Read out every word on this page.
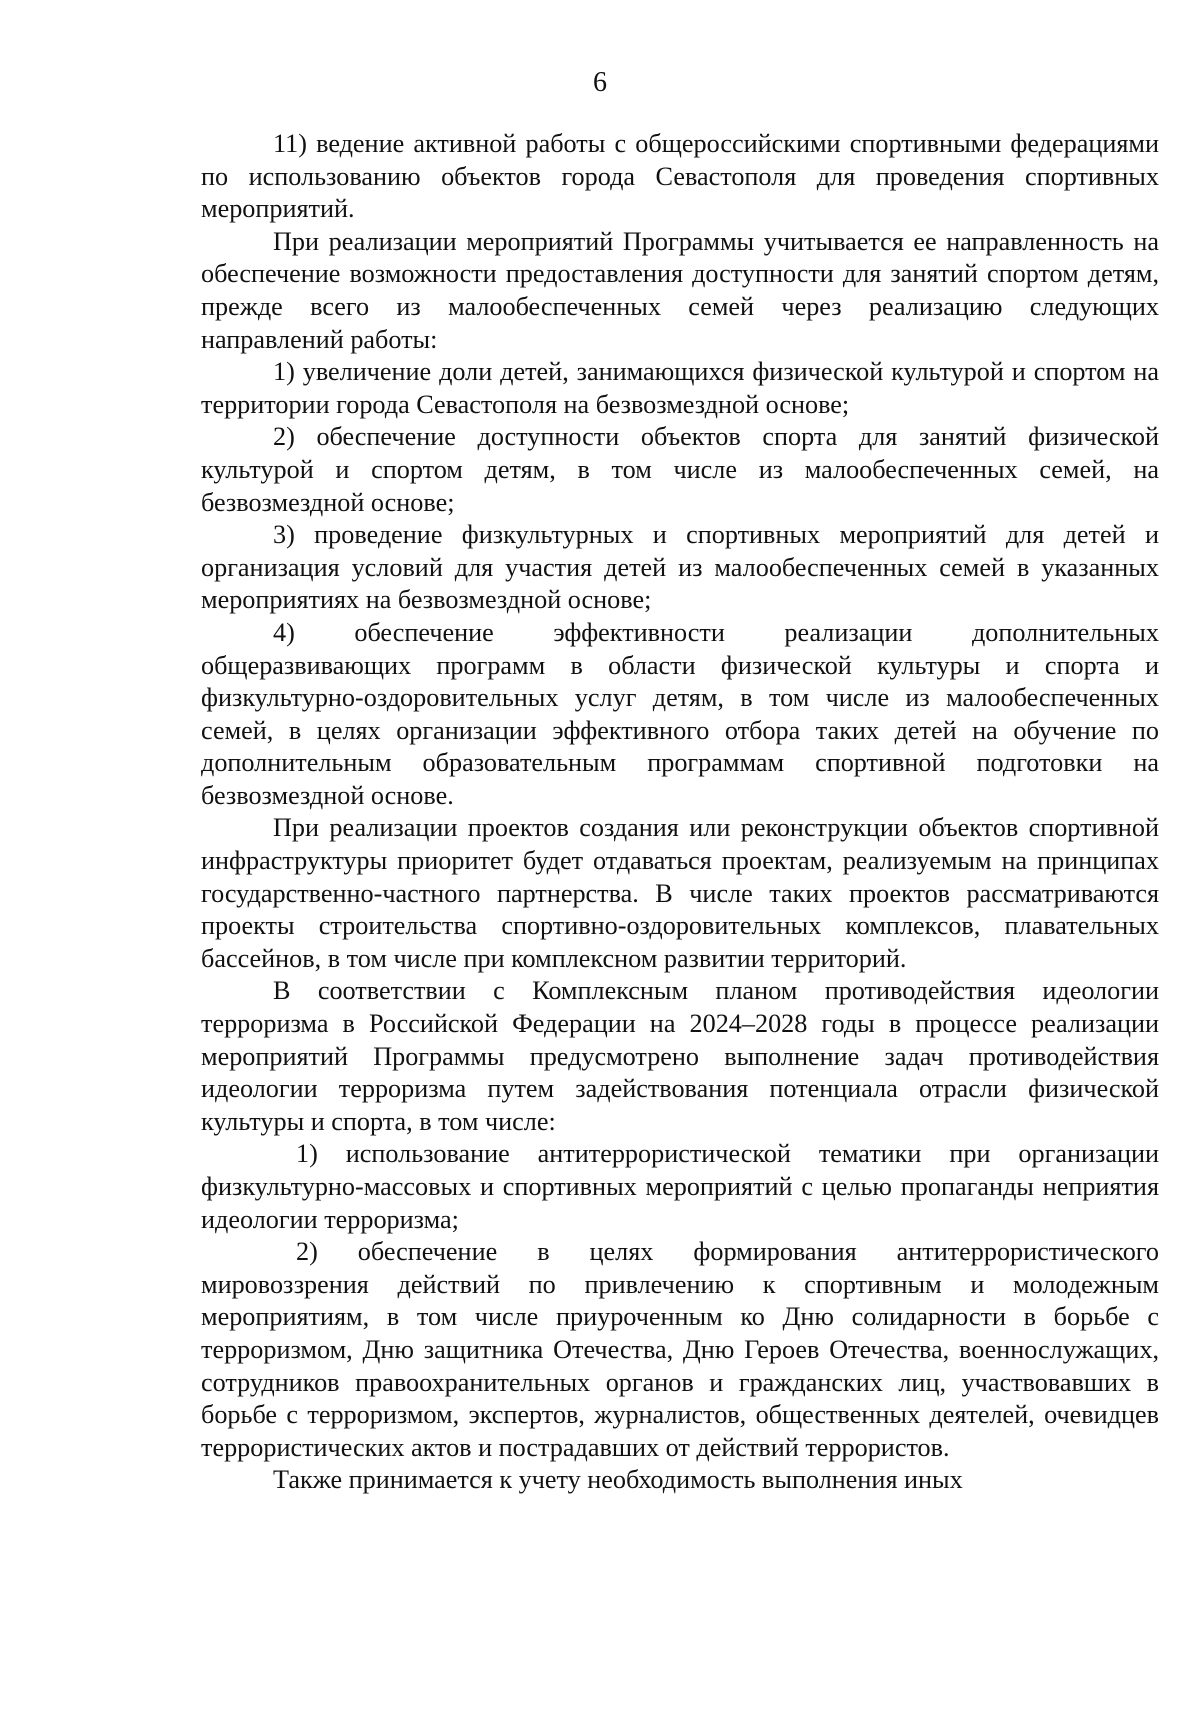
6

11) ведение активной работы с общероссийскими спортивными федерациями по использованию объектов города Севастополя для проведения спортивных мероприятий.

При реализации мероприятий Программы учитывается ее направленность на обеспечение возможности предоставления доступности для занятий спортом детям, прежде всего из малообеспеченных семей через реализацию следующих направлений работы:

1) увеличение доли детей, занимающихся физической культурой и спортом на территории города Севастополя на безвозмездной основе;

2) обеспечение доступности объектов спорта для занятий физической культурой и спортом детям, в том числе из малообеспеченных семей, на безвозмездной основе;

3) проведение физкультурных и спортивных мероприятий для детей и организация условий для участия детей из малообеспеченных семей в указанных мероприятиях на безвозмездной основе;

4) обеспечение эффективности реализации дополнительных общеразвивающих программ в области физической культуры и спорта и физкультурно-оздоровительных услуг детям, в том числе из малообеспеченных семей, в целях организации эффективного отбора таких детей на обучение по дополнительным образовательным программам спортивной подготовки на безвозмездной основе.

При реализации проектов создания или реконструкции объектов спортивной инфраструктуры приоритет будет отдаваться проектам, реализуемым на принципах государственно-частного партнерства. В числе таких проектов рассматриваются проекты строительства спортивно-оздоровительных комплексов, плавательных бассейнов, в том числе при комплексном развитии территорий.

В соответствии с Комплексным планом противодействия идеологии терроризма в Российской Федерации на 2024–2028 годы в процессе реализации мероприятий Программы предусмотрено выполнение задач противодействия идеологии терроризма путем задействования потенциала отрасли физической культуры и спорта, в том числе:

1) использование антитеррористической тематики при организации физкультурно-массовых и спортивных мероприятий с целью пропаганды неприятия идеологии терроризма;

2) обеспечение в целях формирования антитеррористического мировоззрения действий по привлечению к спортивным и молодежным мероприятиям, в том числе приуроченным ко Дню солидарности в борьбе с терроризмом, Дню защитника Отечества, Дню Героев Отечества, военнослужащих, сотрудников правоохранительных органов и гражданских лиц, участвовавших в борьбе с терроризмом, экспертов, журналистов, общественных деятелей, очевидцев террористических актов и пострадавших от действий террористов.

Также принимается к учету необходимость выполнения иных
